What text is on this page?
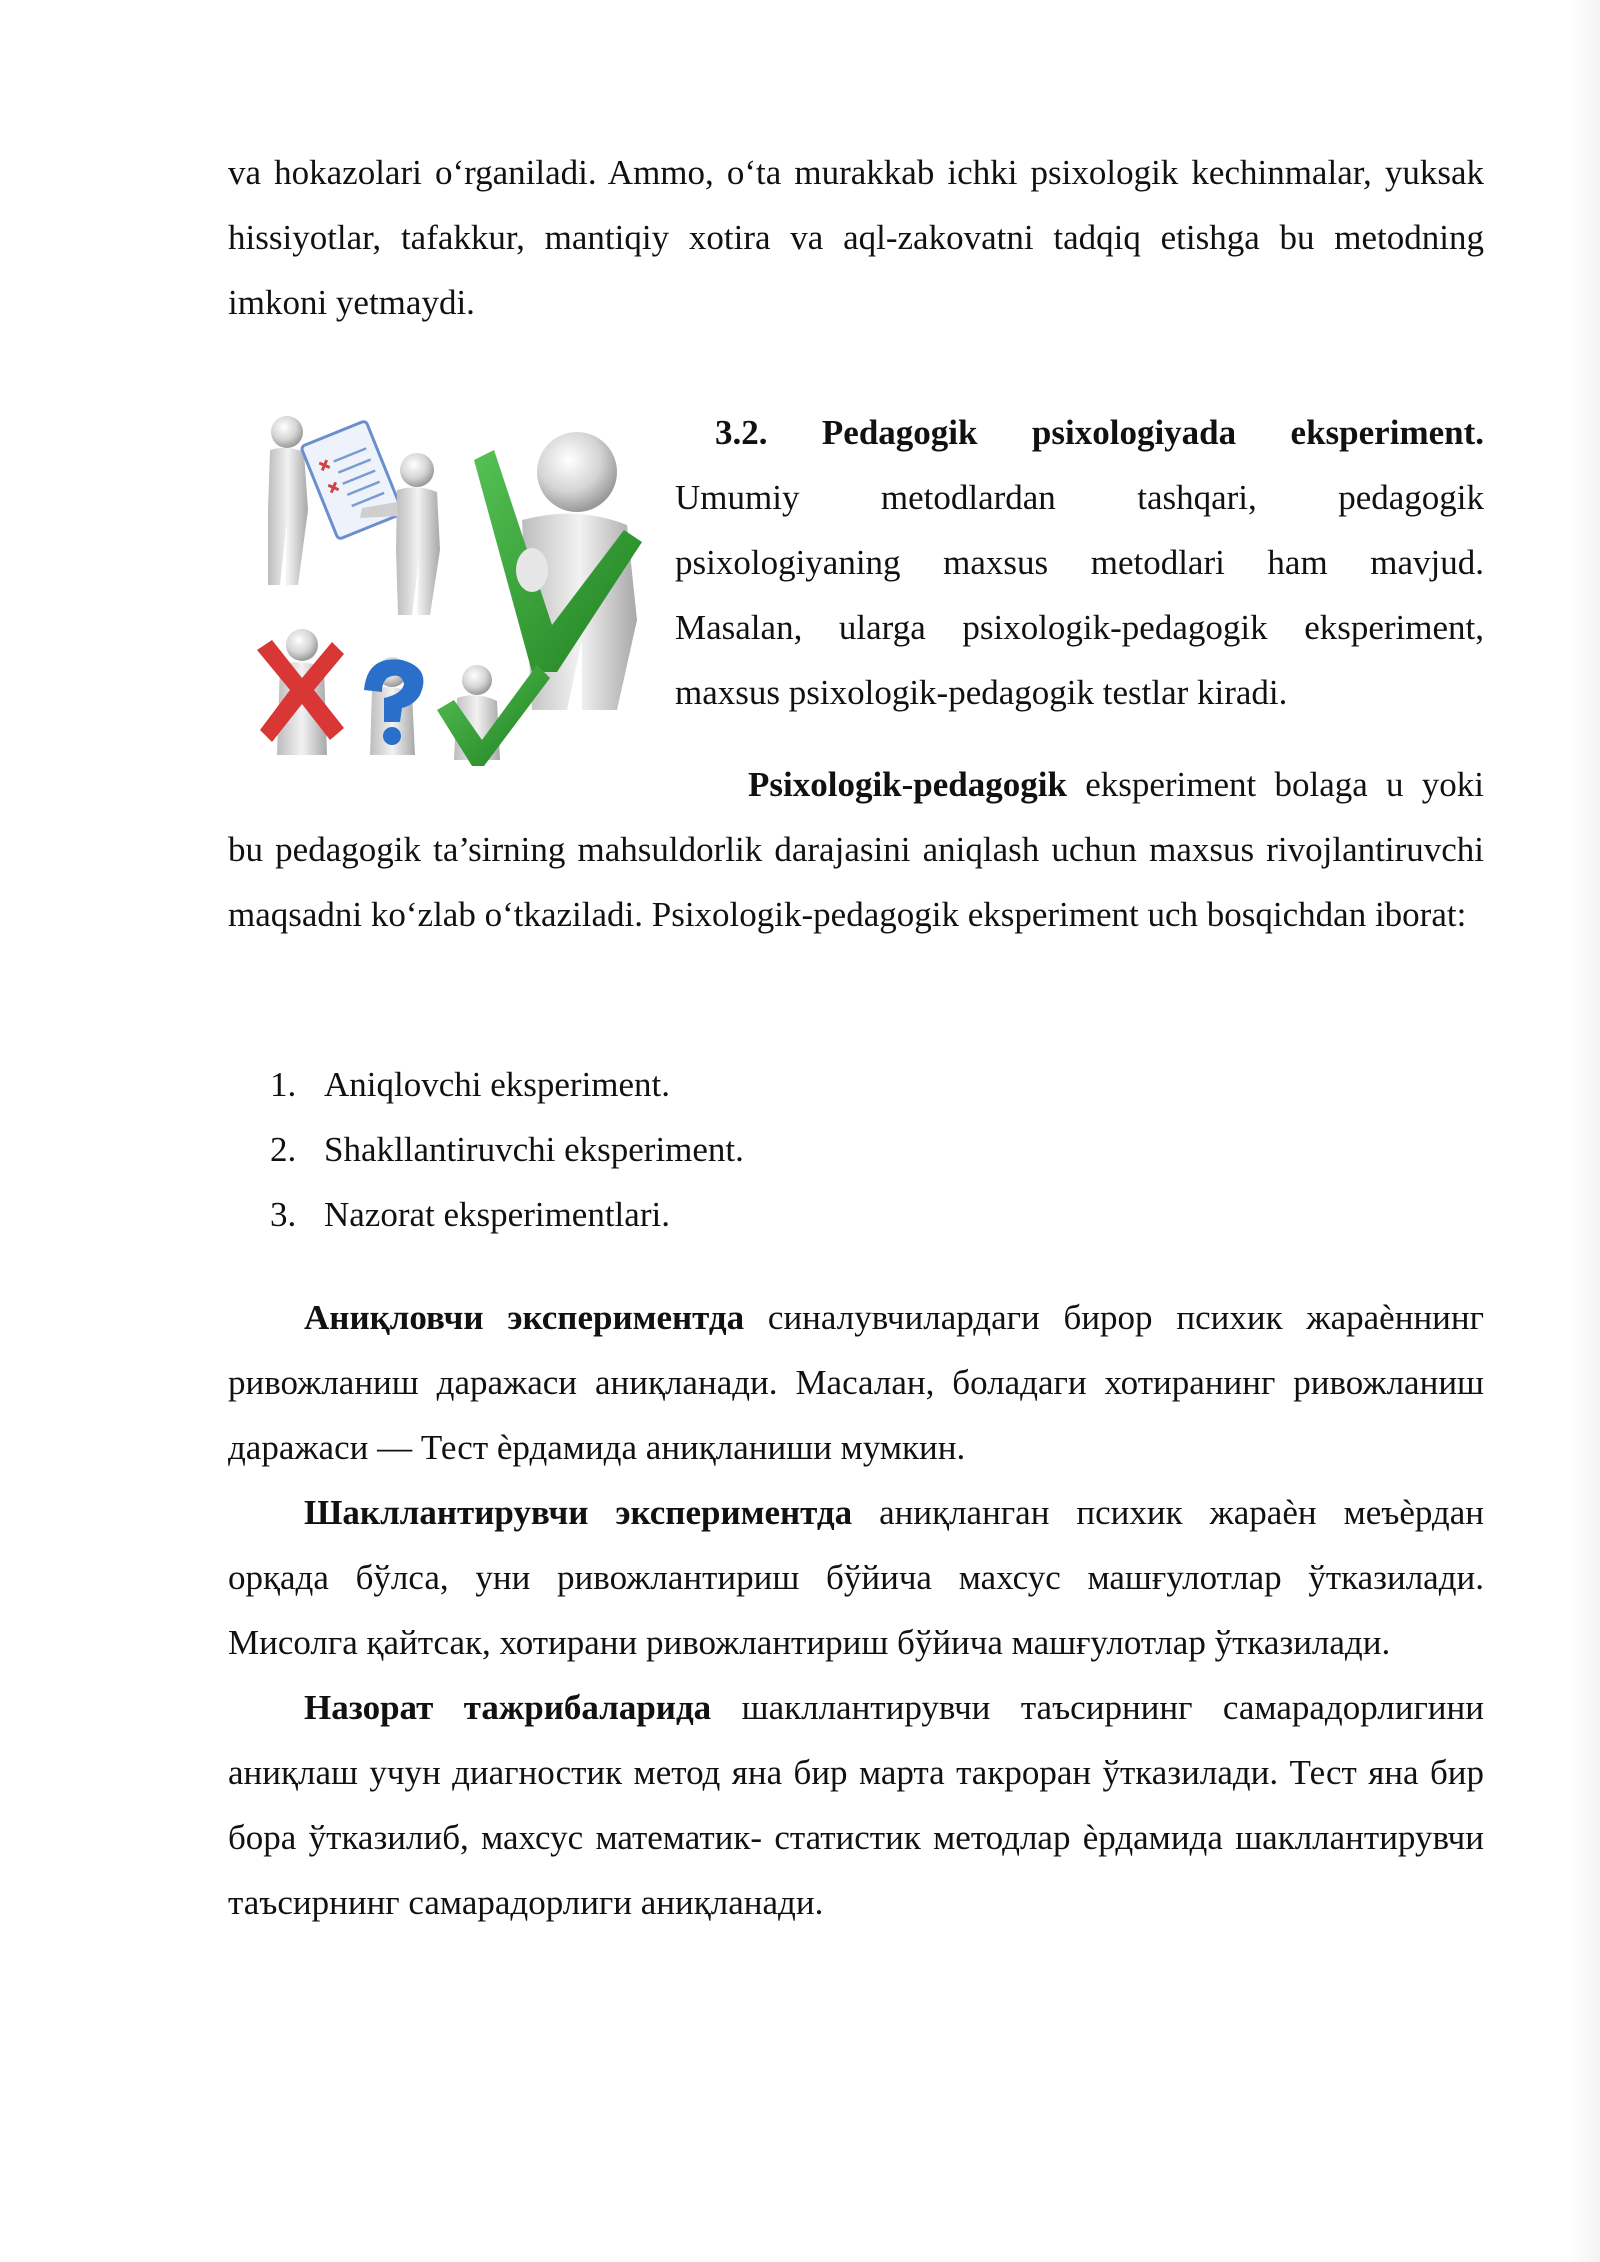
va hokazolari o‘rganiladi. Ammo, o‘ta murakkab ichki psixologik kechinmalar, yuksak hissiyotlar, tafakkur, mantiqiy xotira va aql-zakovatni tadqiq etishga bu metodning imkoni yetmaydi.
3.2. Pedagogik psixologiyada eksperiment.
Umumiy metodlardan tashqari, pedagogik
psixologiyaning maxsus metodlari ham mavjud. Masalan, ularga psixologik-pedagogik eksperiment, maxsus psixologik-pedagogik testlar kiradi.
Psixologik-pedagogik eksperiment bolaga u yoki bu pedagogik ta’sirning mahsuldorlik darajasini aniqlash uchun maxsus rivojlantiruvchi maqsadni ko‘zlab o‘tkaziladi. Psixologik-pedagogik eksperiment uch bosqichdan iborat:
1. Aniqlovchi eksperiment.
2. Shakllantiruvchi eksperiment.
3. Nazorat eksperimentlari.
Аниқловчи экспериментда синалувчилардаги бирор психик жараѐннинг ривожланиш даражаси аниқланади. Масалан, боладаги хотиранинг ривожланиш даражаси — Тест ѐрдамида аниқланиши мумкин.
Шакллантирувчи экспериментда аниқланган психик жараѐн меъѐрдан орқада бўлса, уни ривожлантириш бўйича махсус машғулотлар ўтказилади. Мисолга қайтсак, хотирани ривожлантириш бўйича машғулотлар ўтказилади.
Назорат тажрибаларида шакллантирувчи таъсирнинг самарадорлигини аниқлаш учун диагностик метод яна бир марта такроран ўтказилади. Тест яна бир бора ўтказилиб, махсус математик- статистик методлар ѐрдамида шакллантирувчи таъсирнинг самарадорлиги аниқланади.
